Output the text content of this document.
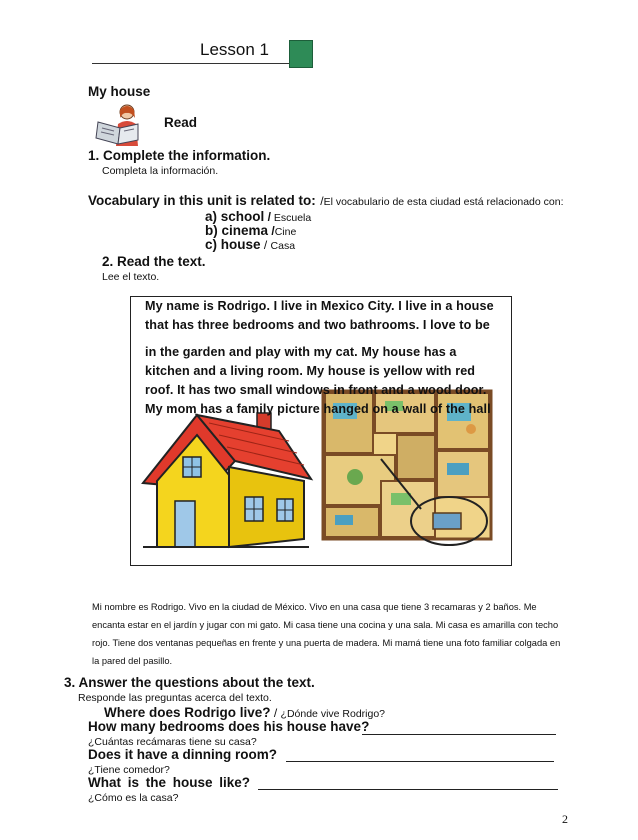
Lesson 1
My house
Read
1. Complete the information.
Completa la información.
Vocabulary in this unit is related to: /El vocabulario de esta ciudad está relacionado con:
a) school / Escuela
b) cinema /Cine
c) house / Casa
2. Read the text.
Lee el texto.
My name is Rodrigo. I live in Mexico City. I live in a house
that has three bedrooms and two bathrooms. I love to be
in the garden and play with my cat. My house has a
kitchen and a living room. My house is yellow with red
roof. It has two small windows in front and a wood door.
My mom has a family picture hanged on a wall of the hall
Mi nombre es Rodrigo. Vivo en la ciudad de México. Vivo en una casa que tiene 3 recamaras y 2 baños. Me
encanta estar en el jardín y jugar con mi gato. Mi casa tiene una cocina y una sala. Mi casa es amarilla con techo
rojo. Tiene dos ventanas pequeñas en frente y una puerta de madera. Mi mamá tiene una foto familiar colgada en
la pared del pasillo.
3. Answer the questions about the text.
Responde las preguntas acerca del texto.
Where does Rodrigo live? / ¿Dónde vive Rodrigo?
How many bedrooms does his house have?
¿Cuántas recámaras tiene su casa?
Does it have a dinning room?
¿Tiene comedor?
What is the house like?
¿Cómo es la casa?
2
